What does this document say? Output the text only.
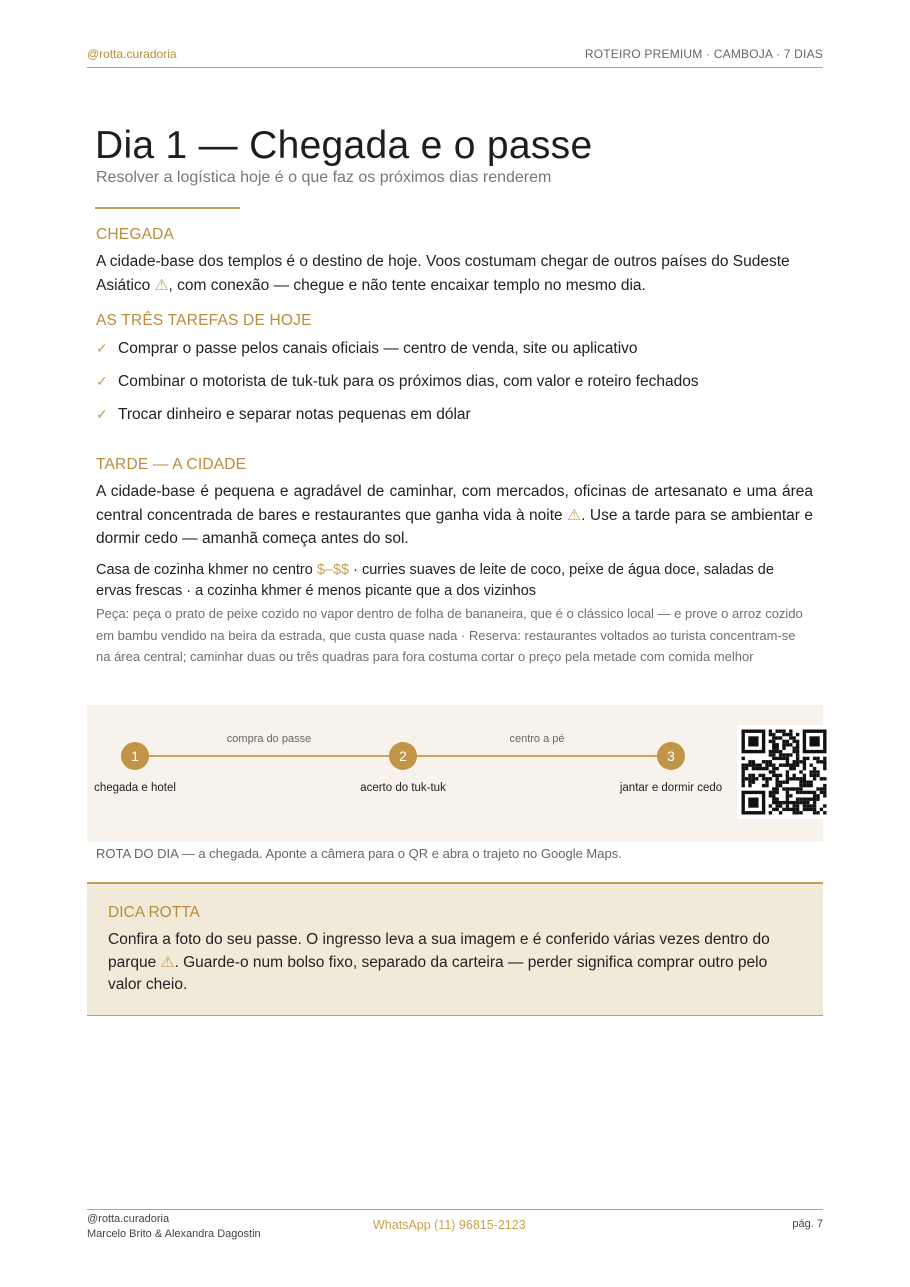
@rotta.curadoria	ROTEIRO PREMIUM · CAMBOJA · 7 DIAS
Dia 1 — Chegada e o passe
Resolver a logística hoje é o que faz os próximos dias renderem
CHEGADA
A cidade-base dos templos é o destino de hoje. Voos costumam chegar de outros países do Sudeste
Asiático ⚠, com conexão — chegue e não tente encaixar templo no mesmo dia.
AS TRÊS TAREFAS DE HOJE
✓ Comprar o passe pelos canais oficiais — centro de venda, site ou aplicativo
✓ Combinar o motorista de tuk-tuk para os próximos dias, com valor e roteiro fechados
✓ Trocar dinheiro e separar notas pequenas em dólar
TARDE — A CIDADE
A cidade-base é pequena e agradável de caminhar, com mercados, oficinas de artesanato e uma área central concentrada de bares e restaurantes que ganha vida à noite ⚠. Use a tarde para se ambientar e dormir cedo — amanhã começa antes do sol.
Casa de cozinha khmer no centro $–$$ · curries suaves de leite de coco, peixe de água doce, saladas de ervas frescas · a cozinha khmer é menos picante que a dos vizinhos
Peça: peça o prato de peixe cozido no vapor dentro de folha de bananeira, que é o clássico local — e prove o arroz cozido em bambu vendido na beira da estrada, que custa quase nada · Reserva: restaurantes voltados ao turista concentram-se na área central; caminhar duas ou três quadras para fora costuma cortar o preço pela metade com comida melhor
compra do passe	centro a pé
1	2	3
chegada e hotel	acerto do tuk-tuk	jantar e dormir cedo
ROTA DO DIA — a chegada. Aponte a câmera para o QR e abra o trajeto no Google Maps.
DICA ROTTA
Confira a foto do seu passe. O ingresso leva a sua imagem e é conferido várias vezes dentro do parque ⚠. Guarde-o num bolso fixo, separado da carteira — perder significa comprar outro pelo valor cheio.
@rotta.curadoria
Marcelo Brito & Alexandra Dagostin
WhatsApp (11) 96815-2123	pág. 7
